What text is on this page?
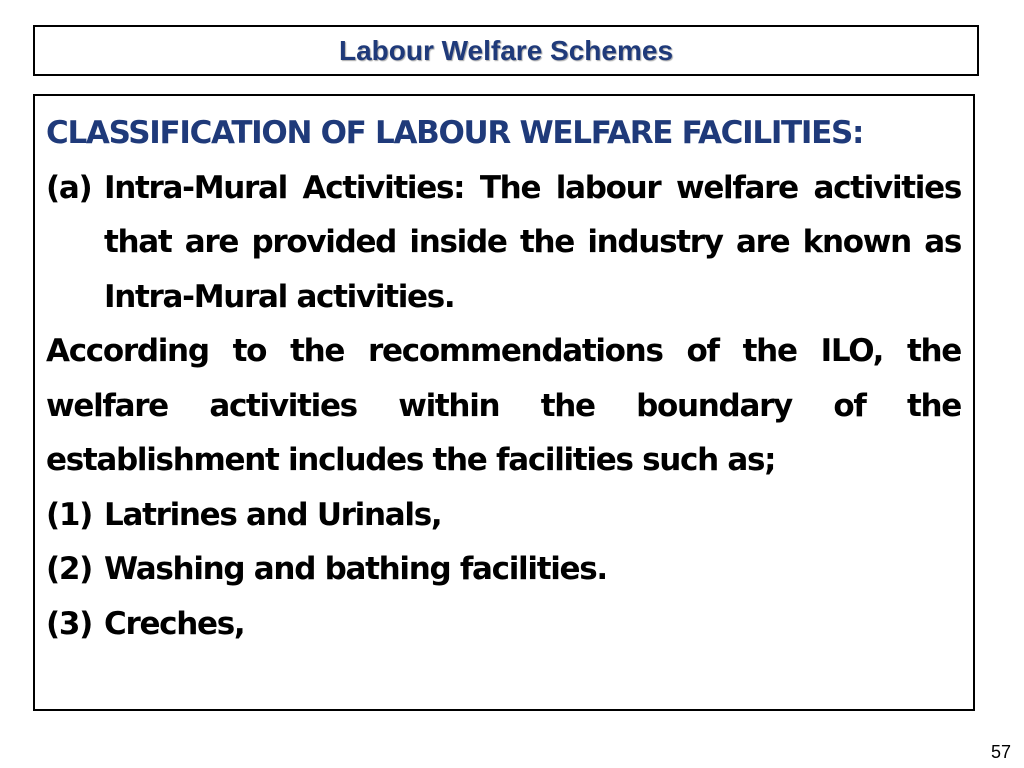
Labour Welfare Schemes
CLASSIFICATION OF LABOUR WELFARE FACILITIES:
(a) Intra-Mural Activities: The labour welfare activities that are provided inside the industry are known as Intra-Mural activities.
According to the recommendations of the ILO, the welfare activities within the boundary of the establishment includes the facilities such as;
(1) Latrines and Urinals,
(2) Washing and bathing facilities.
(3) Creches,
57
